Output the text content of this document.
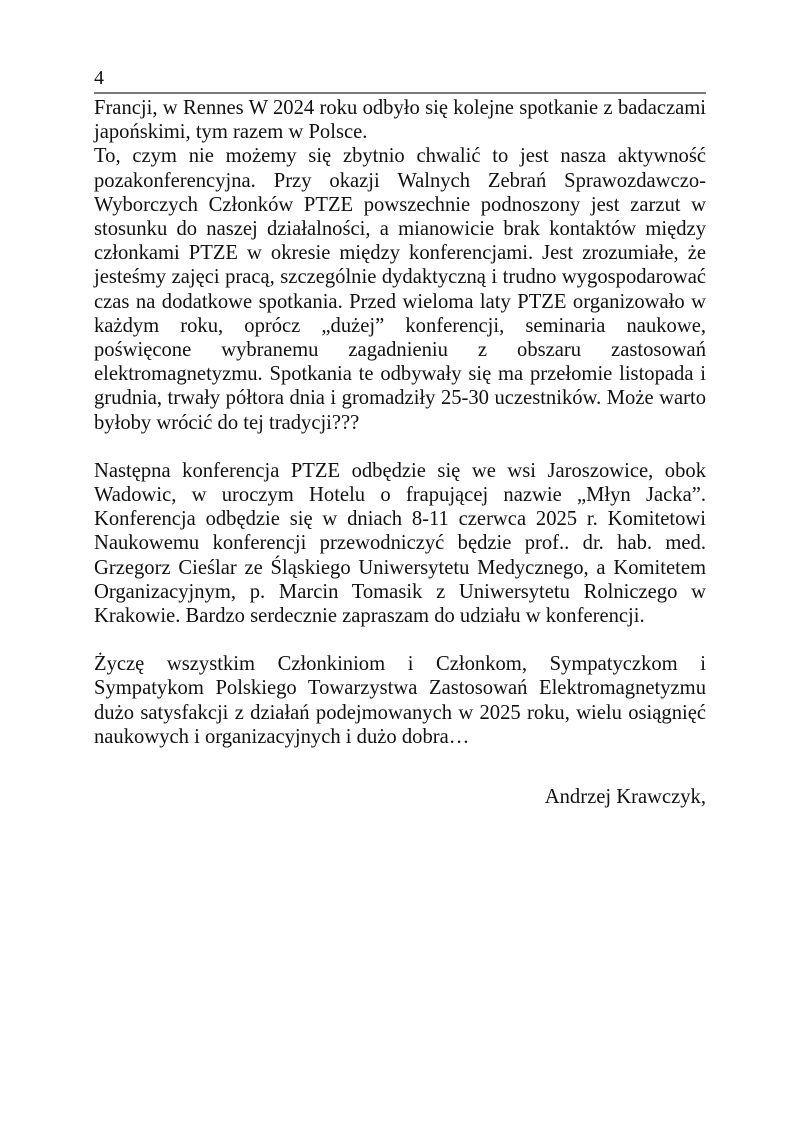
4

Francji, w Rennes W 2024 roku odbyło się kolejne spotkanie z badaczami japońskimi, tym razem w Polsce.

To, czym nie możemy się zbytnio chwalić to jest nasza aktywność pozakonferencyjna. Przy okazji Walnych Zebrań Sprawozdawczo-Wyborczych Członków PTZE powszechnie podnoszony jest zarzut w stosunku do naszej działalności, a mianowicie brak kontaktów między członkami PTZE w okresie między konferencjami. Jest zrozumiałe, że jesteśmy zajęci pracą, szczególnie dydaktyczną i trudno wygospodarować czas na dodatkowe spotkania. Przed wieloma laty PTZE organizowało w każdym roku, oprócz „dużej” konferencji, seminaria naukowe, poświęcone wybranemu zagadnieniu z obszaru zastosowań elektromagnetyzmu. Spotkania te odbywały się ma przełomie listopada i grudnia, trwały półtora dnia i gromadziły 25-30 uczestników. Może warto byłoby wrócić do tej tradycji???

Następna konferencja PTZE odbędzie się we wsi Jaroszowice, obok Wadowic, w uroczym Hotelu o frapującej nazwie „Młyn Jacka”. Konferencja odbędzie się w dniach 8-11 czerwca 2025 r. Komitetowi Naukowemu konferencji przewodniczyć będzie prof.. dr. hab. med. Grzegorz Cieślar ze Śląskiego Uniwersytetu Medycznego, a Komitetem Organizacyjnym, p. Marcin Tomasik z Uniwersytetu Rolniczego w Krakowie. Bardzo serdecznie zapraszam do udziału w konferencji.

Życzę wszystkim Członkiniom i Członkom, Sympatyczkom i Sympatykom Polskiego Towarzystwa Zastosowań Elektromagnetyzmu dużo satysfakcji z działań podejmowanych w 2025 roku, wielu osiągnięć naukowych i organizacyjnych i dużo dobra…

Andrzej Krawczyk,
